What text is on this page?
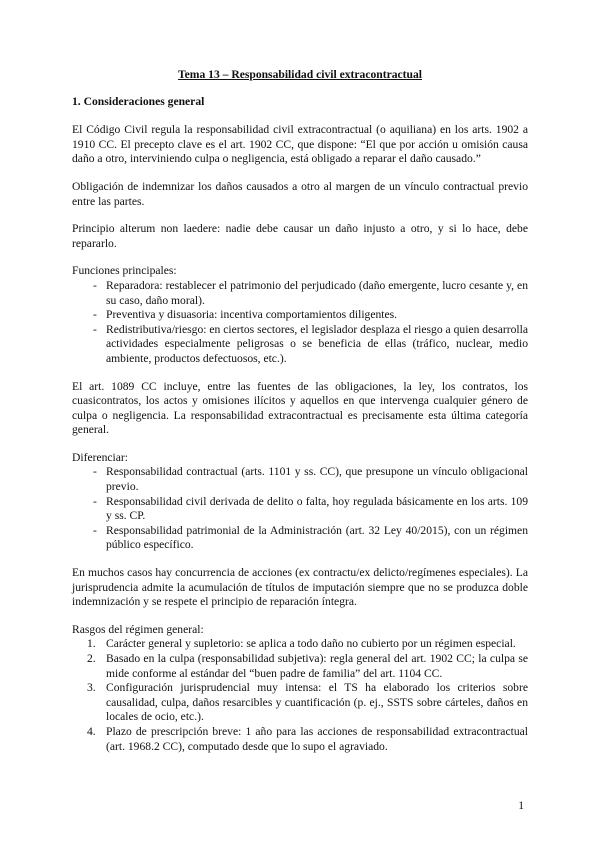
Tema 13 – Responsabilidad civil extracontractual
1. Consideraciones general

El Código Civil regula la responsabilidad civil extracontractual (o aquiliana) en los arts. 1902 a 1910 CC. El precepto clave es el art. 1902 CC, que dispone: “El que por acción u omisión causa daño a otro, interviniendo culpa o negligencia, está obligado a reparar el daño causado.”

Obligación de indemnizar los daños causados a otro al margen de un vínculo contractual previo entre las partes.

Principio alterum non laedere: nadie debe causar un daño injusto a otro, y si lo hace, debe repararlo.

Funciones principales:
- Reparadora: restablecer el patrimonio del perjudicado (daño emergente, lucro cesante y, en su caso, daño moral).
- Preventiva y disuasoria: incentiva comportamientos diligentes.
- Redistributiva/riesgo: en ciertos sectores, el legislador desplaza el riesgo a quien desarrolla actividades especialmente peligrosas o se beneficia de ellas (tráfico, nuclear, medio ambiente, productos defectuosos, etc.).

El art. 1089 CC incluye, entre las fuentes de las obligaciones, la ley, los contratos, los cuasicontratos, los actos y omisiones ilícitos y aquellos en que intervenga cualquier género de culpa o negligencia. La responsabilidad extracontractual es precisamente esta última categoría general.

Diferenciar:
- Responsabilidad contractual (arts. 1101 y ss. CC), que presupone un vínculo obligacional previo.
- Responsabilidad civil derivada de delito o falta, hoy regulada básicamente en los arts. 109 y ss. CP.
- Responsabilidad patrimonial de la Administración (art. 32 Ley 40/2015), con un régimen público específico.

En muchos casos hay concurrencia de acciones (ex contractu/ex delicto/regímenes especiales). La jurisprudencia admite la acumulación de títulos de imputación siempre que no se produzca doble indemnización y se respete el principio de reparación íntegra.

Rasgos del régimen general:
1. Carácter general y supletorio: se aplica a todo daño no cubierto por un régimen especial.
2. Basado en la culpa (responsabilidad subjetiva): regla general del art. 1902 CC; la culpa se mide conforme al estándar del “buen padre de familia” del art. 1104 CC.
3. Configuración jurisprudencial muy intensa: el TS ha elaborado los criterios sobre causalidad, culpa, daños resarcibles y cuantificación (p. ej., SSTS sobre cárteles, daños en locales de ocio, etc.).
4. Plazo de prescripción breve: 1 año para las acciones de responsabilidad extracontractual (art. 1968.2 CC), computado desde que lo supo el agraviado.
1
